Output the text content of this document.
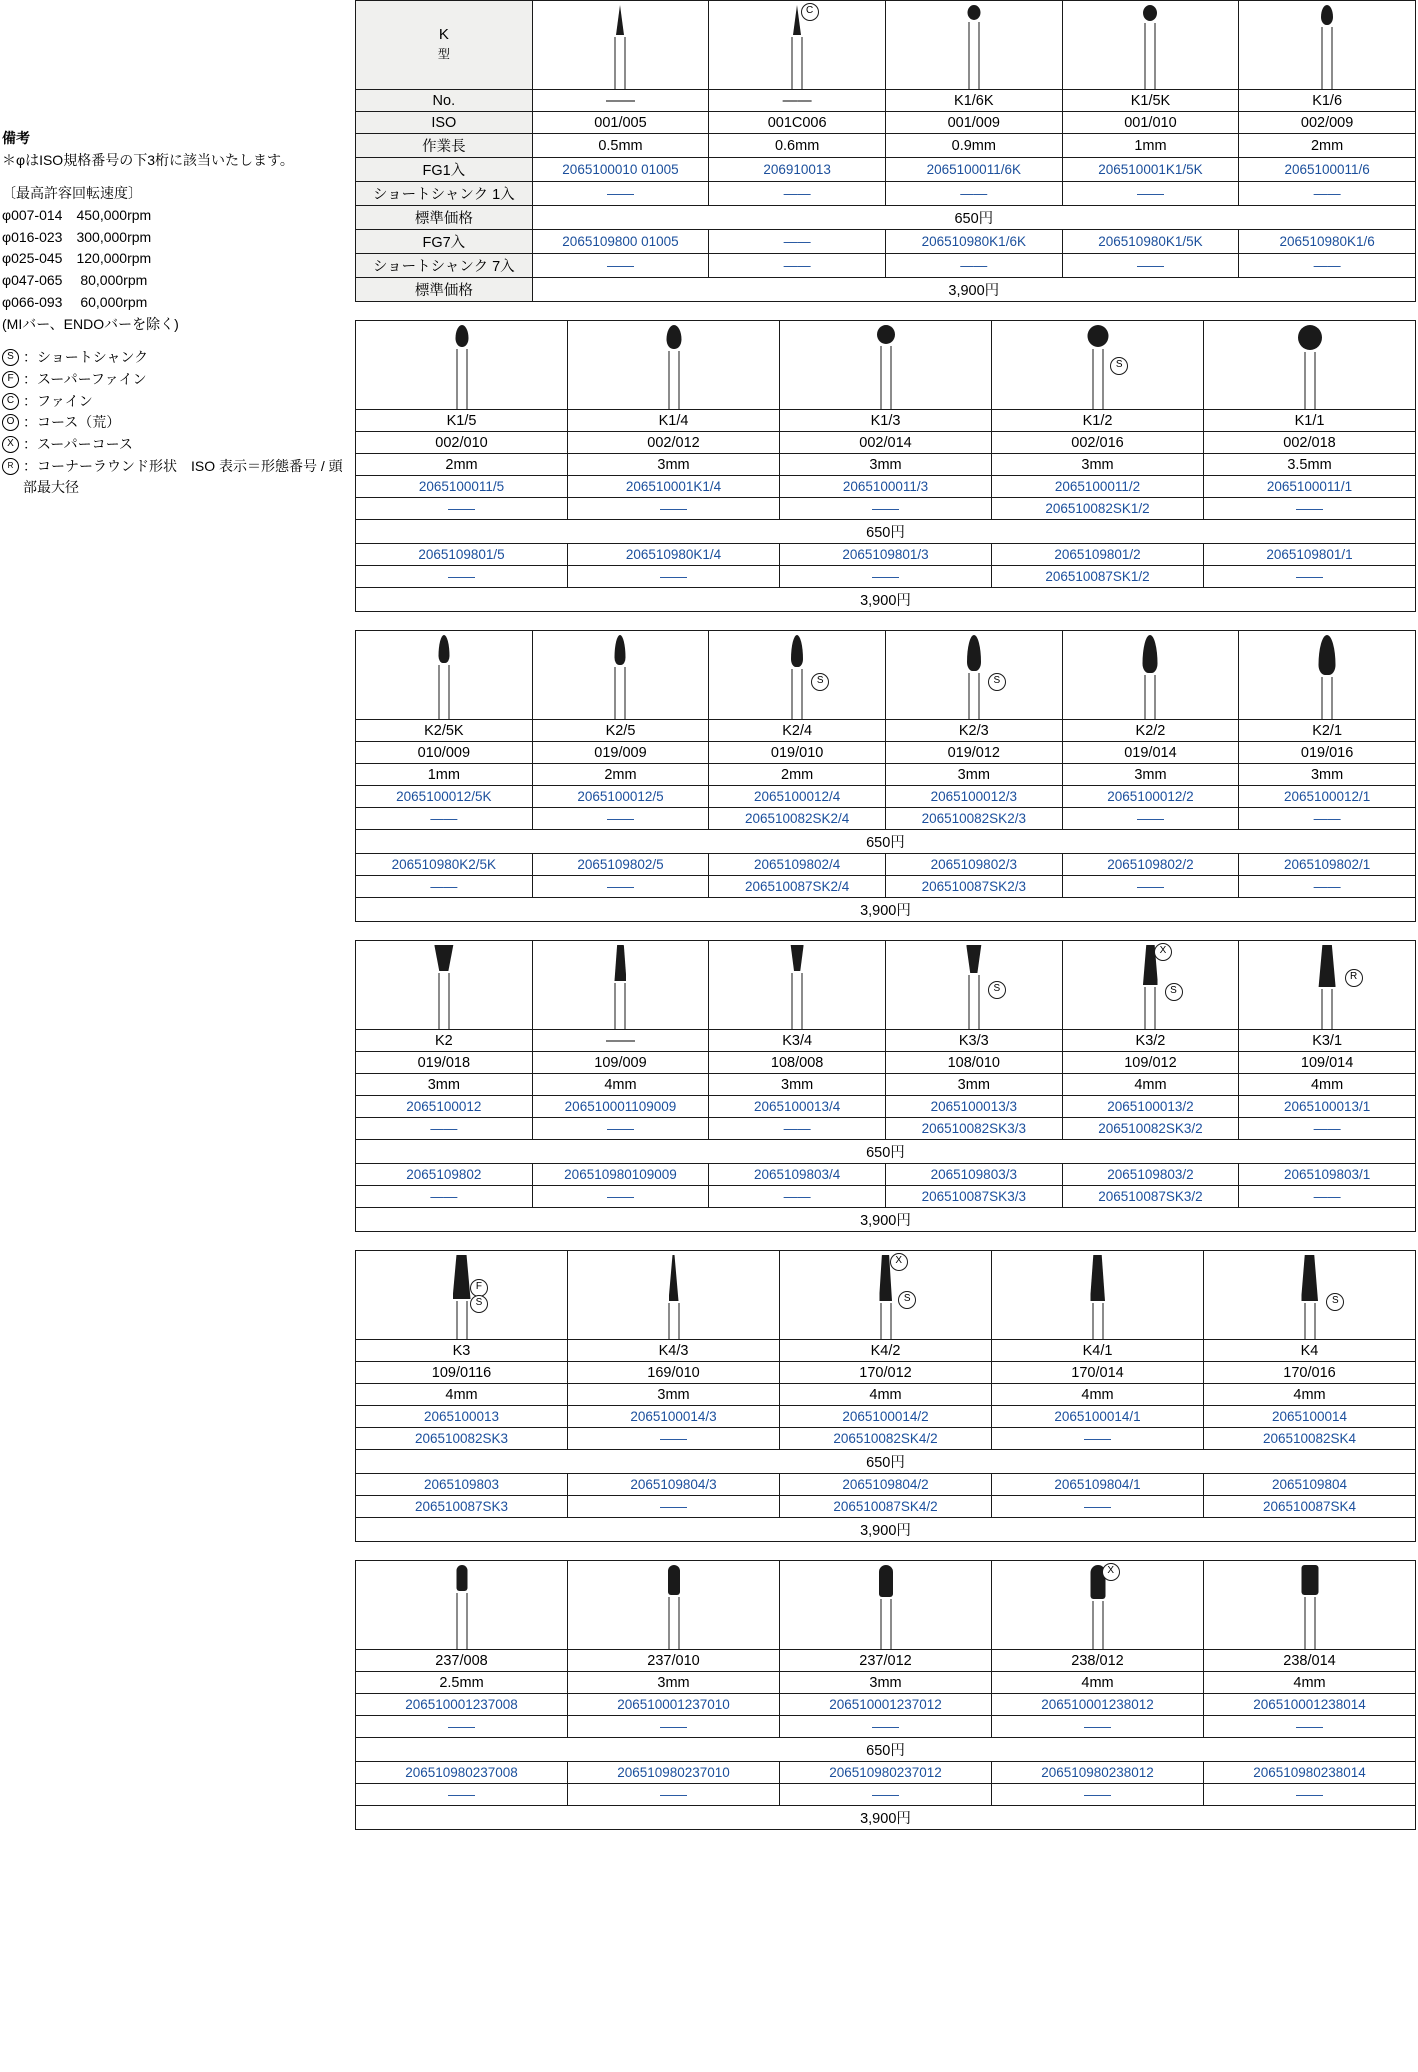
備考
＊φはISO規格番号の下3桁に該当いたします。
〔最高許容回転速度〕
φ007-014　450,000rpm
φ016-023　300,000rpm
φ025-045　120,000rpm
φ047-065　 80,000rpm
φ066-093　 60,000rpm
(MIバー、ENDOバーを除く)
S ：ショートシャンク
F ：スーパーファイン
C ：ファイン
O ：コース（荒）
X ：スーパーコース
R ：コーナーラウンド形状　ISO 表示＝形態番号 / 頭部最大径
K
型		C			

No.	——	——	K1/6K	K1/5K	K1/6
ISO	001/005	001C006	001/009	001/010	002/009
作業長	0.5mm	0.6mm	0.9mm	1mm	2mm
FG1入	2065100010 01005	206910013	2065100011/6K	206510001K1/5K	2065100011/6
ショートシャンク 1入	——	——	——	——	——
標準価格	650円				
FG7入	2065109800 01005	——	206510980K1/6K	206510980K1/5K	206510980K1/6
ショートシャンク 7入	——	——	——	——	——
標準価格	3,900円				

			S	

K1/5	K1/4	K1/3	K1/2	K1/1
002/010	002/012	002/014	002/016	002/018
2mm	3mm	3mm	3mm	3.5mm
2065100011/5	206510001K1/4	2065100011/3	2065100011/2	2065100011/1
——	——	——	206510082SK1/2	——
650円				
2065109801/5	206510980K1/4	2065109801/3	2065109801/2	2065109801/1
——	——	——	206510087SK1/2	——
3,900円				

		S	S		

K2/5K	K2/5	K2/4	K2/3	K2/2	K2/1
010/009	019/009	019/010	019/012	019/014	019/016
1mm	2mm	2mm	3mm	3mm	3mm
2065100012/5K	2065100012/5	2065100012/4	2065100012/3	2065100012/2	2065100012/1
——	——	206510082SK2/4	206510082SK2/3	——	——
650円					
206510980K2/5K	2065109802/5	2065109802/4	2065109802/3	2065109802/2	2065109802/1
——	——	206510087SK2/4	206510087SK2/3	——	——
3,900円					

			S	X
S	R

K2	——	K3/4	K3/3	K3/2	K3/1
019/018	109/009	108/008	108/010	109/012	109/014
3mm	4mm	3mm	3mm	4mm	4mm
2065100012	206510001109009	2065100013/4	2065100013/3	2065100013/2	2065100013/1
——	——	——	206510082SK3/3	206510082SK3/2	——
650円					
2065109802	206510980109009	2065109803/4	2065109803/3	2065109803/2	2065109803/1
——	——	——	206510087SK3/3	206510087SK3/2	——
3,900円					
F
S		X
S		S

K3	K4/3	K4/2	K4/1	K4
109/0116	169/010	170/012	170/014	170/016
4mm	3mm	4mm	4mm	4mm
2065100013	2065100014/3	2065100014/2	2065100014/1	2065100014
206510082SK3	——	206510082SK4/2	——	206510082SK4
650円				
2065109803	2065109804/3	2065109804/2	2065109804/1	2065109804
206510087SK3	——	206510087SK4/2	——	206510087SK4
3,900円				

			X	

237/008	237/010	237/012	238/012	238/014
2.5mm	3mm	3mm	4mm	4mm
206510001237008	206510001237010	206510001237012	206510001238012	206510001238014
——	——	——	——	——
650円				
206510980237008	206510980237010	206510980237012	206510980238012	206510980238014
——	——	——	——	——
3,900円				
